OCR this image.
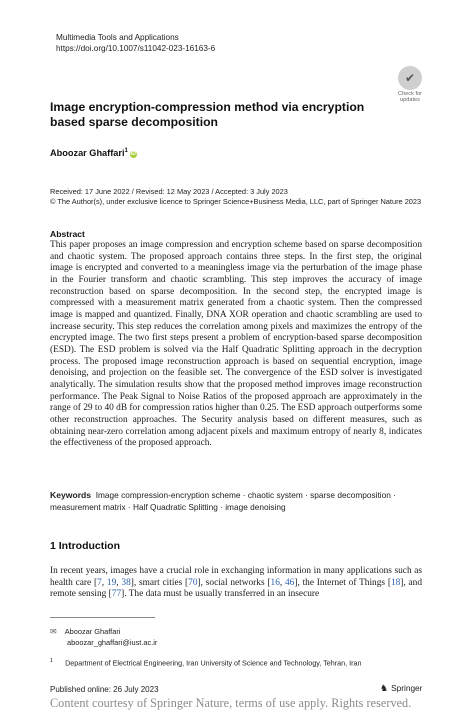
Multimedia Tools and Applications
https://doi.org/10.1007/s11042-023-16163-6
✔
Check for
updates
Image encryption-compression method via encryption
based sparse decomposition
Aboozar Ghaffari$^1$iD
Received: 17 June 2022 / Revised: 12 May 2023 / Accepted: 3 July 2023
© The Author(s), under exclusive licence to Springer Science+Business Media, LLC, part of Springer Nature 2023
Abstract
This paper proposes an image compression and encryption scheme based on sparse decomposition and chaotic system. The proposed approach contains three steps. In the first step, the original image is encrypted and converted to a meaningless image via the perturbation of the image phase in the Fourier transform and chaotic scrambling. This step improves the accuracy of image reconstruction based on sparse decomposition. In the second step, the encrypted image is compressed with a measurement matrix generated from a chaotic system. Then the compressed image is mapped and quantized. Finally, DNA XOR operation and chaotic scrambling are used to increase security. This step reduces the correlation among pixels and maximizes the entropy of the encrypted image. The two first steps present a problem of encryption-based sparse decomposition (ESD). The ESD problem is solved via the Half Quadratic Splitting approach in the decryption process. The proposed image reconstruction approach is based on sequential encryption, image denoising, and projection on the feasible set. The convergence of the ESD solver is investigated analytically. The simulation results show that the proposed method improves image reconstruction performance. The Peak Signal to Noise Ratios of the proposed approach are approximately in the range of 29 to 40 dB for compression ratios higher than 0.25. The ESD approach outperforms some other reconstruction approaches. The Security analysis based on different measures, such as obtaining near-zero correlation among adjacent pixels and maximum entropy of nearly 8, indicates the effectiveness of the proposed approach.
Keywords Image compression-encryption scheme · chaotic system · sparse decomposition · measurement matrix · Half Quadratic Splitting · image denoising
1 Introduction
In recent years, images have a crucial role in exchanging information in many applications such as health care [7, 19, 38], smart cities [70], social networks [16, 46], the Internet of Things [18], and remote sensing [77]. The data must be usually transferred in an insecure
✉ Aboozar Ghaffari
aboozar_ghaffari@iust.ac.ir
$^1$ Department of Electrical Engineering, Iran University of Science and Technology, Tehran, Iran
Published online: 26 July 2023	♞ Springer
Content courtesy of Springer Nature, terms of use apply. Rights reserved.
